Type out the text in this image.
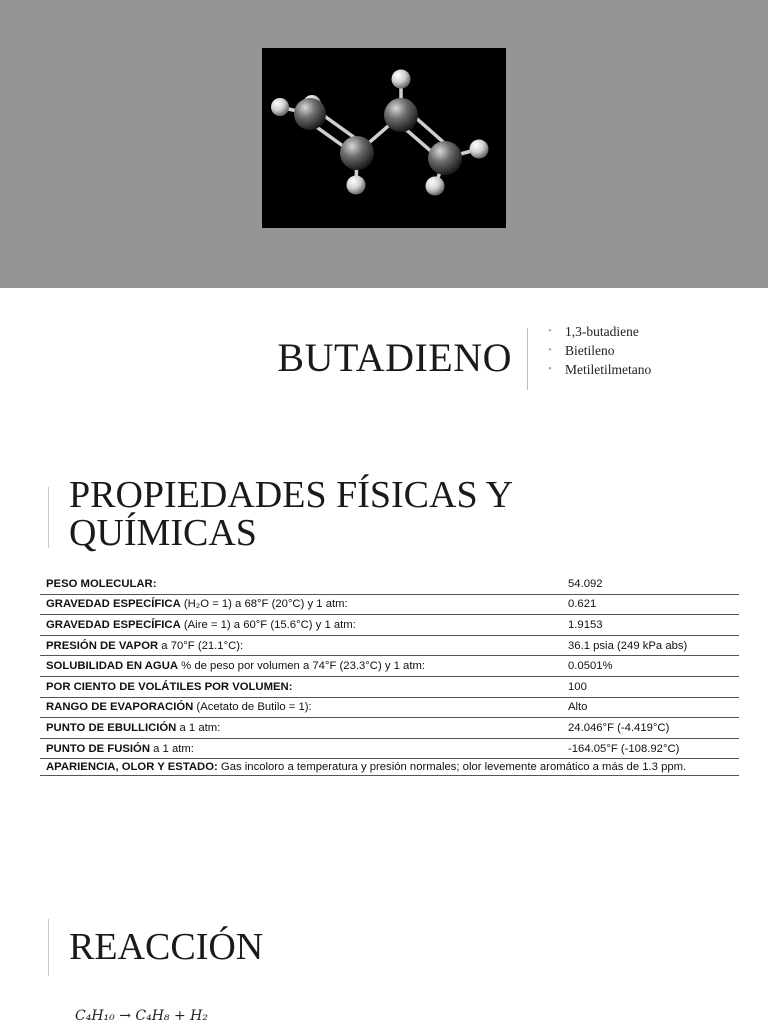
BUTADIENO
• 1,3-butadiene
• Bietileno
• Metiletilmetano
PROPIEDADES FÍSICAS Y QUÍMICAS
PESO MOLECULAR:	54.092
GRAVEDAD ESPECÍFICA (H₂O = 1) a 68°F (20°C) y 1 atm:	0.621
GRAVEDAD ESPECÍFICA (Aire = 1) a 60°F (15.6°C) y 1 atm:	1.9153
PRESIÓN DE VAPOR a 70°F (21.1°C):	36.1 psia (249 kPa abs)
SOLUBILIDAD EN AGUA % de peso por volumen a 74°F (23.3°C) y 1 atm:	0.0501%
POR CIENTO DE VOLÁTILES POR VOLUMEN:	100
RANGO DE EVAPORACIÓN (Acetato de Butilo = 1):	Alto
PUNTO DE EBULLICIÓN a 1 atm:	24.046°F (-4.419°C)
PUNTO DE FUSIÓN a 1 atm:	-164.05°F (-108.92°C)
APARIENCIA, OLOR Y ESTADO: Gas incoloro a temperatura y presión normales; olor levemente aromático a más de 1.3 ppm.	
REACCIÓN
C₄H₁₀ → C₄H₈ + H₂
